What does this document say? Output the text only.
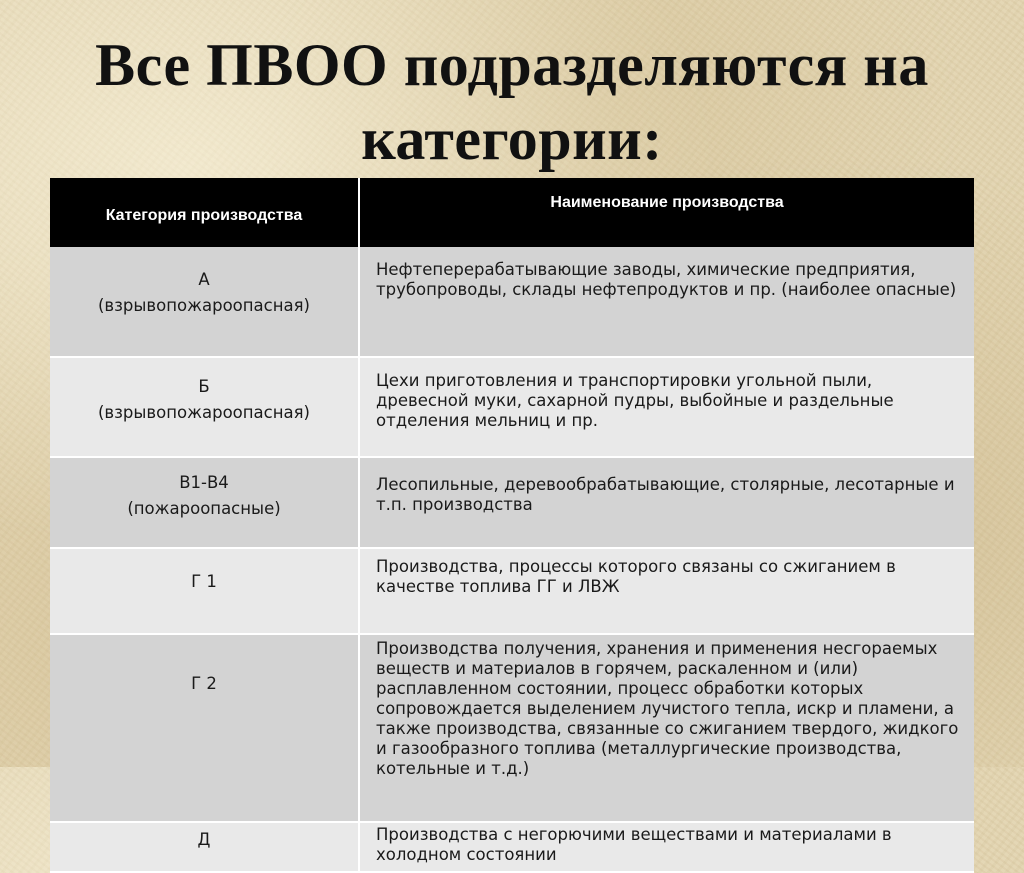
Все ПВОО подразделяются на
категории:
Категория производства	Наименование производства

А
(взрывопожароопасная)	Нефтеперерабатывающие заводы, химические предприятия, трубопроводы, склады нефтепродуктов и пр. (наиболее опасные)

Б
(взрывопожароопасная)	Цехи приготовления и транспортировки угольной пыли, древесной муки, сахарной пудры, выбойные и раздельные отделения мельниц и пр.

В1-В4
(пожароопасные)	Лесопильные, деревообрабатывающие, столярные, лесотарные и т.п. производства

Г 1	Производства, процессы которого связаны со сжиганием в качестве топлива ГГ и ЛВЖ

Г 2	Производства получения, хранения и применения несгораемых веществ и материалов в горячем, раскаленном и (или) расплавленном состоянии, процесс обработки которых сопровождается выделением лучистого тепла, искр и пламени, а также производства, связанные со сжиганием твердого, жидкого и газообразного топлива (металлургические производства, котельные и т.д.)

Д	Производства с негорючими веществами и материалами в холодном состоянии
